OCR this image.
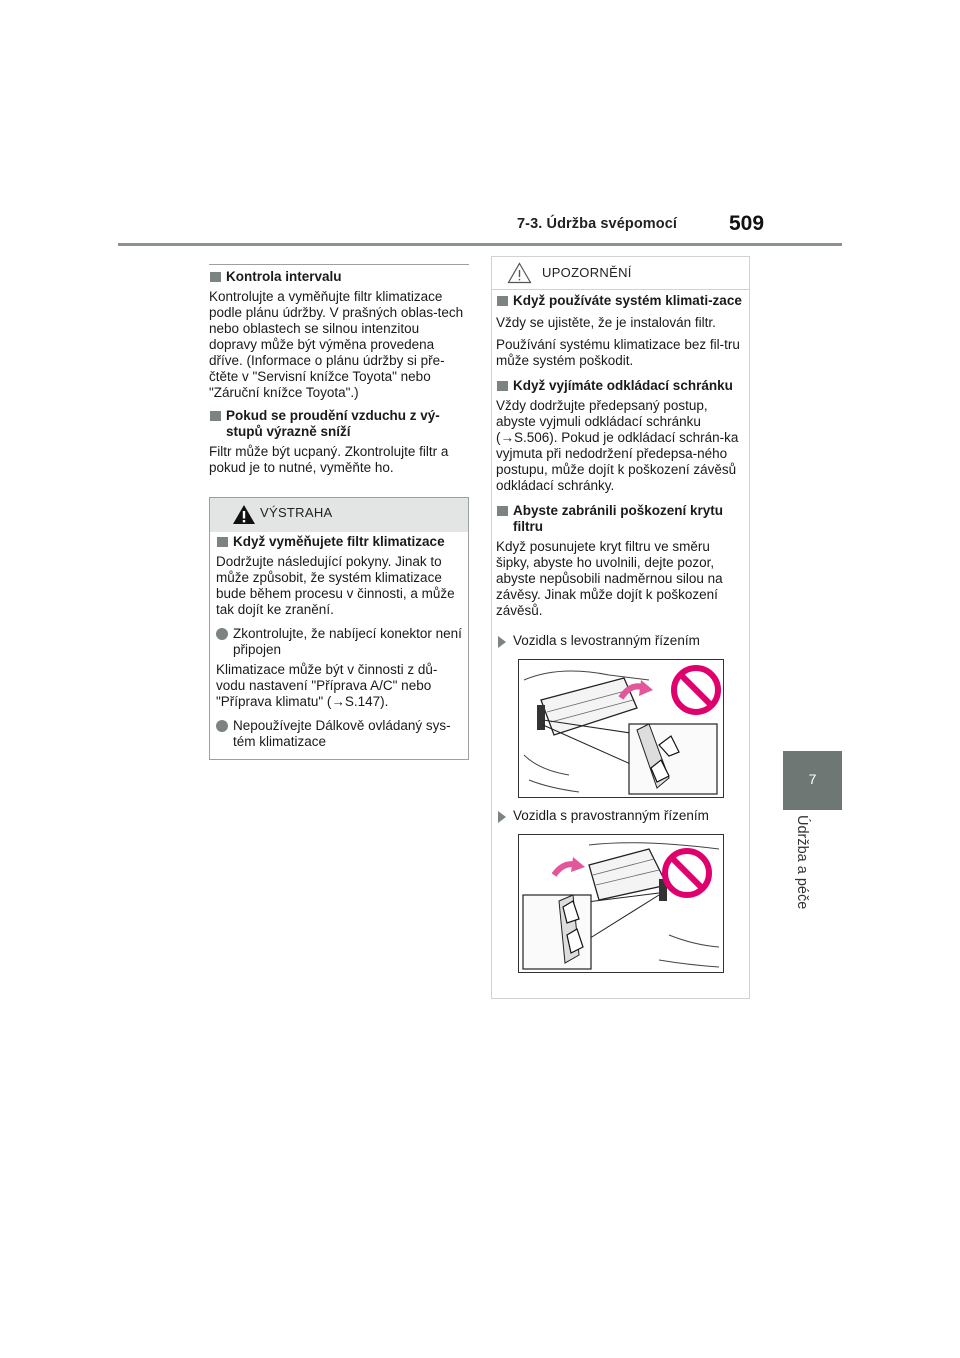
7-3. Údržba svépomocí 509
7
Údržba a péče
Kontrola intervalu
Kontrolujte a vyměňujte filtr klimatizace podle plánu údržby. V prašných oblas-tech nebo oblastech se silnou intenzitou dopravy může být výměna provedena dříve. (Informace o plánu údržby si pře-čtěte v "Servisní knížce Toyota" nebo "Záruční knížce Toyota".)
Pokud se proudění vzduchu z vý-stupů výrazně sníží
Filtr může být ucpaný. Zkontrolujte filtr a pokud je to nutné, vyměňte ho.
VÝSTRAHA
Když vyměňujete filtr klimatizace
Dodržujte následující pokyny. Jinak to může způsobit, že systém klimatizace bude během procesu v činnosti, a může tak dojít ke zranění.
Zkontrolujte, že nabíjecí konektor není připojen
Klimatizace může být v činnosti z dů-vodu nastavení "Příprava A/C" nebo "Příprava klimatu" (→S.147).
Nepoužívejte Dálkově ovládaný sys-tém klimatizace
UPOZORNĚNÍ
Když používáte systém klimati-zace
Vždy se ujistěte, že je instalován filtr.
Používání systému klimatizace bez fil-tru může systém poškodit.
Když vyjímáte odkládací schránku
Vždy dodržujte předepsaný postup, abyste vyjmuli odkládací schránku (→S.506). Pokud je odkládací schrán-ka vyjmuta při nedodržení předepsa-ného postupu, může dojít k poškození závěsů odkládací schránky.
Abyste zabránili poškození krytu filtru
Když posunujete kryt filtru ve směru šipky, abyste ho uvolnili, dejte pozor, abyste nepůsobili nadměrnou silou na závěsy. Jinak může dojít k poškození závěsů.
Vozidla s levostranným řízením
Vozidla s pravostranným řízením
